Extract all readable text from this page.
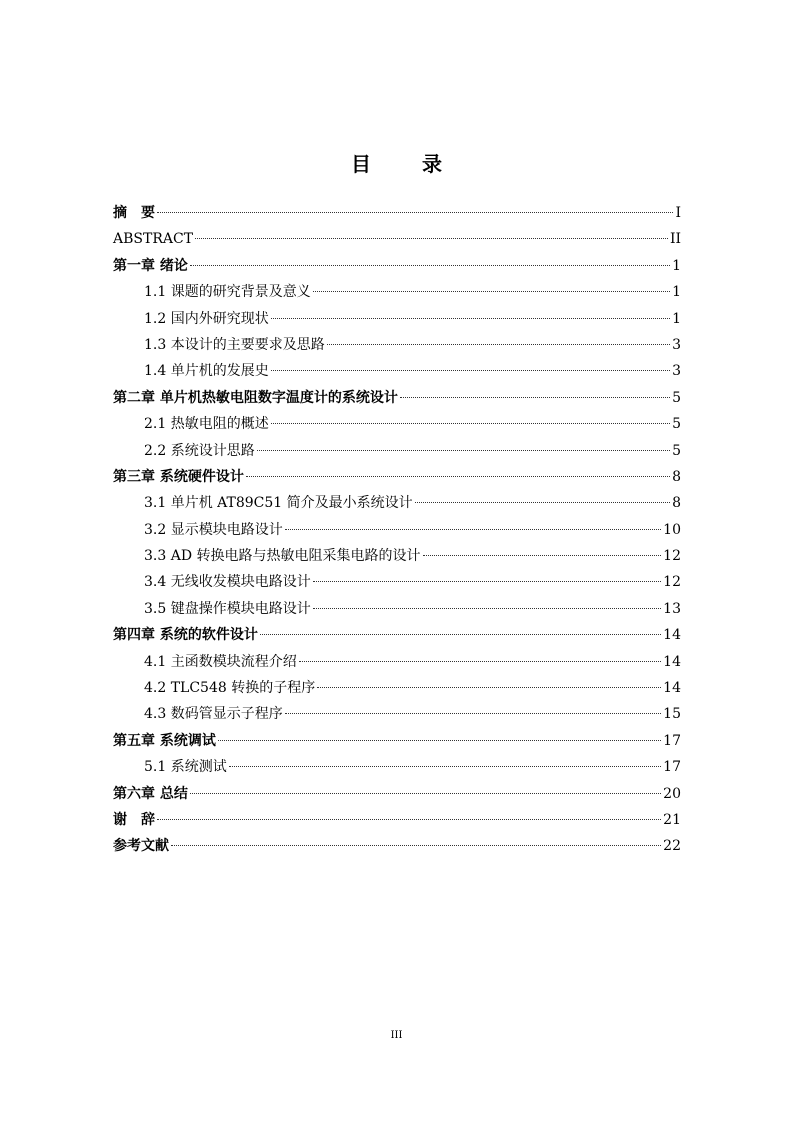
目 录
摘　要	I
ABSTRACT	II
第一章 绪论	1
1.1 课题的研究背景及意义	1
1.2 国内外研究现状	1
1.3 本设计的主要要求及思路	3
1.4 单片机的发展史	3
第二章 单片机热敏电阻数字温度计的系统设计	5
2.1 热敏电阻的概述	5
2.2 系统设计思路	5
第三章 系统硬件设计	8
3.1 单片机 AT89C51 简介及最小系统设计	8
3.2 显示模块电路设计	10
3.3 AD 转换电路与热敏电阻采集电路的设计	12
3.4 无线收发模块电路设计	12
3.5 键盘操作模块电路设计	13
第四章 系统的软件设计	14
4.1 主函数模块流程介绍	14
4.2 TLC548 转换的子程序	14
4.3 数码管显示子程序	15
第五章 系统调试	17
5.1 系统测试	17
第六章 总结	20
谢　辞	21
参考文献	22
III
